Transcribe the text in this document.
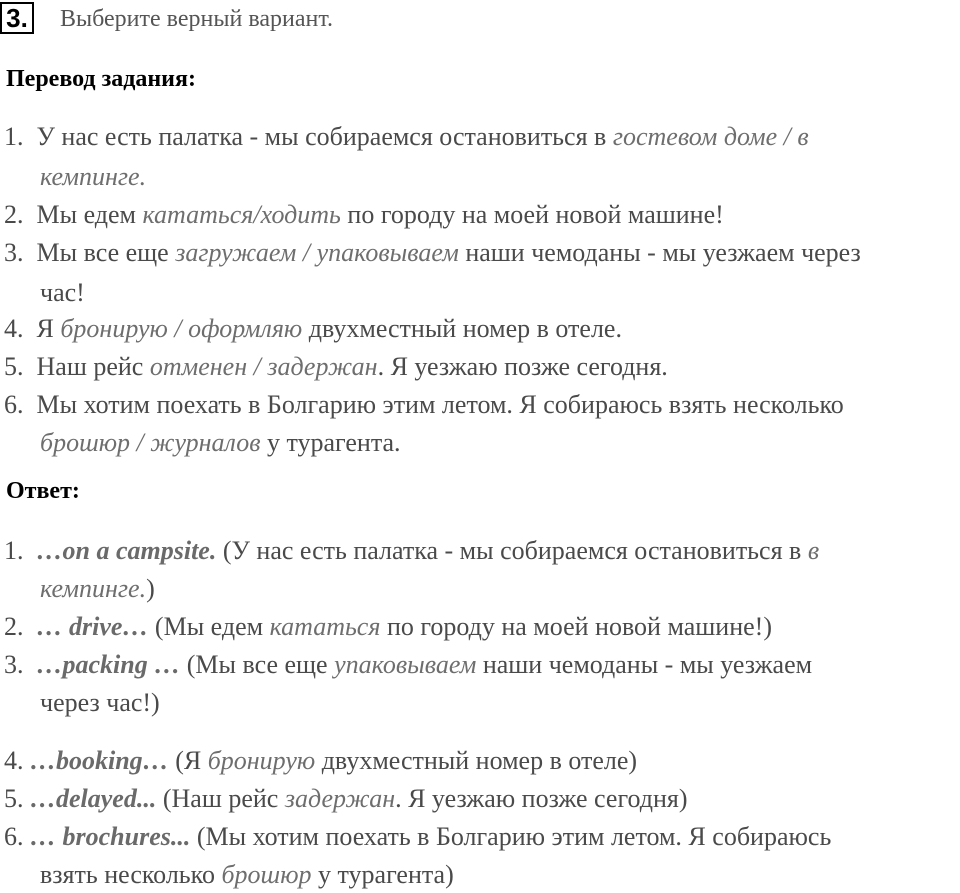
3. Выберите верный вариант.
Перевод задания:
1. У нас есть палатка - мы собираемся остановиться в гостевом доме / в
кемпинге.
2. Мы едем кататься/ходить по городу на моей новой машине!
3. Мы все еще загружаем / упаковываем наши чемоданы - мы уезжаем через
час!
4. Я бронирую / оформляю двухместный номер в отеле.
5. Наш рейс отменен / задержан. Я уезжаю позже сегодня.
6. Мы хотим поехать в Болгарию этим летом. Я собираюсь взять несколько
брошюр / журналов у турагента.
Ответ:
1. …on a campsite. (У нас есть палатка - мы собираемся остановиться в в
кемпинге.)
2. … drive… (Мы едем кататься по городу на моей новой машине!)
3. …packing … (Мы все еще упаковываем наши чемоданы - мы уезжаем
через час!)
4. …booking… (Я бронирую двухместный номер в отеле)
5. …delayed... (Наш рейс задержан. Я уезжаю позже сегодня)
6. … brochures... (Мы хотим поехать в Болгарию этим летом. Я собираюсь
взять несколько брошюр у турагента)
